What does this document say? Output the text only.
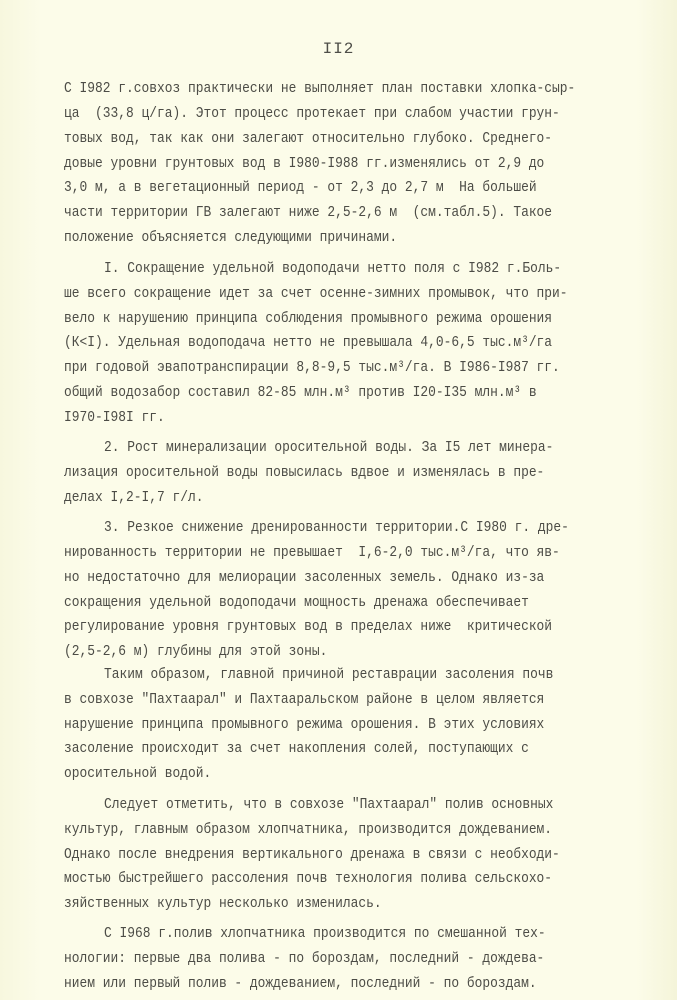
II2
С I982 г.совхоз практически не выполняет план поставки хлопка-сыр-
ца  (33,8 ц/га). Этот процесс протекает при слабом участии грун-
товых вод, так как они залегают относительно глубоко. Среднего-
довые уровни грунтовых вод в I980-I988 гг.изменялись от 2,9 до
3,0 м, а в вегетационный период - от 2,3 до 2,7 м  На большей
части территории ГВ залегают ниже 2,5-2,6 м  (см.табл.5). Такое
положение объясняется следующими причинами.
I. Сокращение удельной водоподачи нетто поля с I982 г.Боль-
ше всего сокращение идет за счет осенне-зимних промывок, что при-
вело к нарушению принципа соблюдения промывного режима орошения
(К<I). Удельная водоподача нетто не превышала 4,0-6,5 тыс.м³/га
при годовой эвапотранспирации 8,8-9,5 тыс.м³/га. В I986-I987 гг.
общий водозабор составил 82-85 млн.м³ против I20-I35 млн.м³ в
I970-I98I гг.
2. Рост минерализации оросительной воды. За I5 лет минера-
лизация оросительной воды повысилась вдвое и изменялась в пре-
делах I,2-I,7 г/л.
3. Резкое снижение дренированности территории.С I980 г. дре-
нированность территории не превышает  I,6-2,0 тыс.м³/га, что яв-
но недостаточно для мелиорации засоленных земель. Однако из-за
сокращения удельной водоподачи мощность дренажа обеспечивает
регулирование уровня грунтовых вод в пределах ниже  критической
(2,5-2,6 м) глубины для этой зоны.
Таким образом, главной причиной реставрации засоления почв
в совхозе "Пахтаарал" и Пахтааральском районе в целом является
нарушение принципа промывного режима орошения. В этих условиях
засоление происходит за счет накопления солей, поступающих с
оросительной водой.
Следует отметить, что в совхозе "Пахтаарал" полив основных
культур, главным образом хлопчатника, производится дождеванием.
Однако после внедрения вертикального дренажа в связи с необходи-
мостью быстрейшего рассоления почв технология полива сельскохо-
зяйственных культур несколько изменилась.
С I968 г.полив хлопчатника производится по смешанной тех-
нологии: первые два полива - по бороздам, последний - дождева-
нием или первый полив - дождеванием, последний - по бороздам.
